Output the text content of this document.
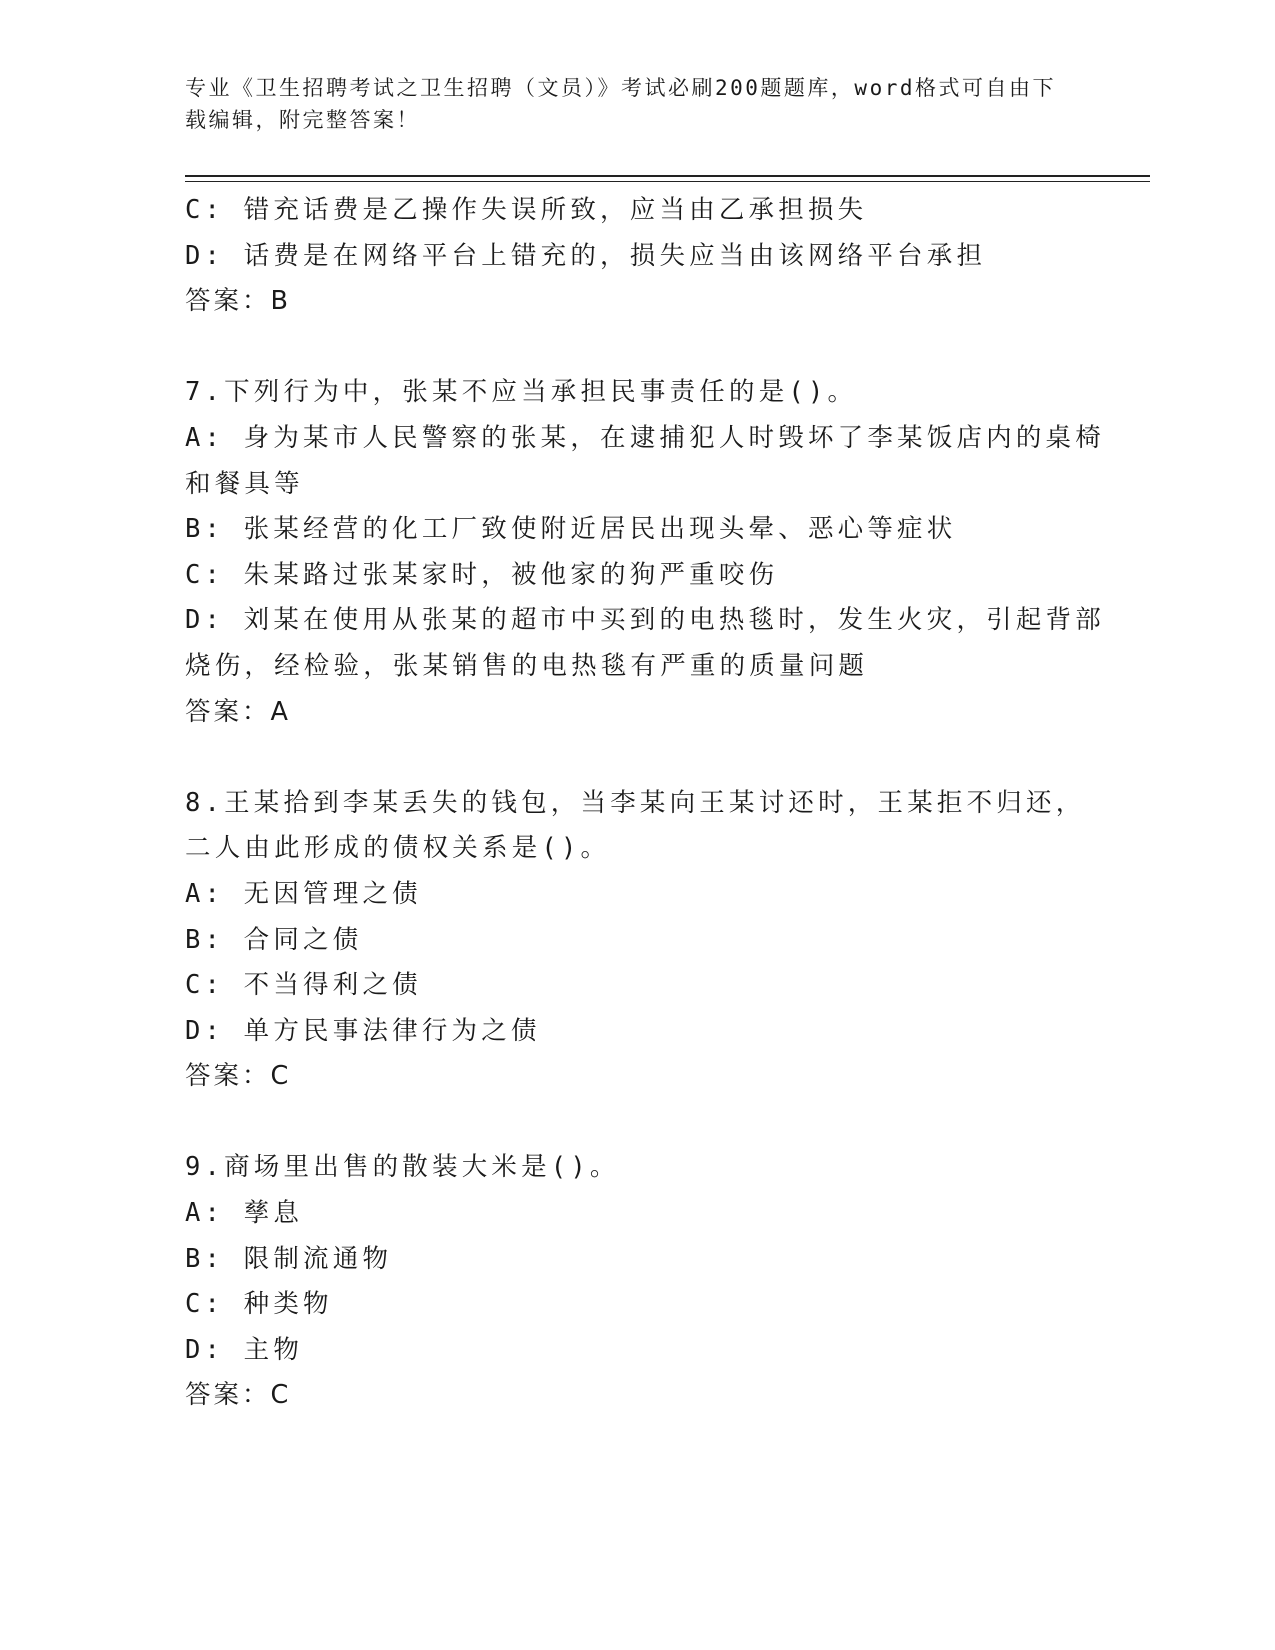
专业《卫生招聘考试之卫生招聘（文员）》考试必刷200题题库，word格式可自由下载编辑，附完整答案！
C: 错充话费是乙操作失误所致，应当由乙承担损失
D: 话费是在网络平台上错充的，损失应当由该网络平台承担
答案：B
7.下列行为中，张某不应当承担民事责任的是()。
A: 身为某市人民警察的张某，在逮捕犯人时毁坏了李某饭店内的桌椅
和餐具等
B: 张某经营的化工厂致使附近居民出现头晕、恶心等症状
C: 朱某路过张某家时，被他家的狗严重咬伤
D: 刘某在使用从张某的超市中买到的电热毯时，发生火灾，引起背部
烧伤，经检验，张某销售的电热毯有严重的质量问题
答案：A
8.王某拾到李某丢失的钱包，当李某向王某讨还时，王某拒不归还，
二人由此形成的债权关系是()。
A: 无因管理之债
B: 合同之债
C: 不当得利之债
D: 单方民事法律行为之债
答案：C
9.商场里出售的散装大米是()。
A: 孳息
B: 限制流通物
C: 种类物
D: 主物
答案：C
